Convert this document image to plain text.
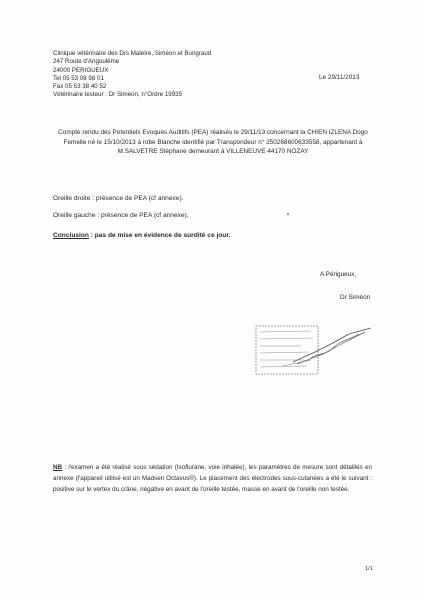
Clinique vétérinaire des Drs Maleïre, Siméon et Bongraud
247 Route d'Angoulême
24000 PERIGUEUX
Tel 05 53 08 98 01
Fax 05 53 38 40 52
Vétérinaire testeur : Dr Siméon, n°Ordre 19935
Le 29/11/2013
Compte rendu des Potentiels Evoqués Auditifs (PEA) réalisés le 29/11/13 concernant la CHIEN IZLENA Dogo Femelle né le 15/10/2013 à robe Blanche identifié par Transpondeur n° 250268600633558, appartenant à M.SALVETRE Stéphane demeurant à VILLENEUVE 44170 NOZAY
Oreille droite : présence de PEA (cf annexe).
Oreille gauche : présence de PEA (cf annexe).
Conclusion : pas de mise en évidence de surdité ce jour.
A Périgueux,
Dr Siméon
NB : l'examen a été réalisé sous sédation (Isoflurane, voie inhalée), les paramètres de mesure sont détaillés en annexe (l'appareil utilisé est un Madsen Octavus®). Le placement des électrodes sous-cutanées a été le suivant : positive sur le vertex du crâne, négative en avant de l'oreille testée, masse en avant de l'oreille non testée.
1/1
